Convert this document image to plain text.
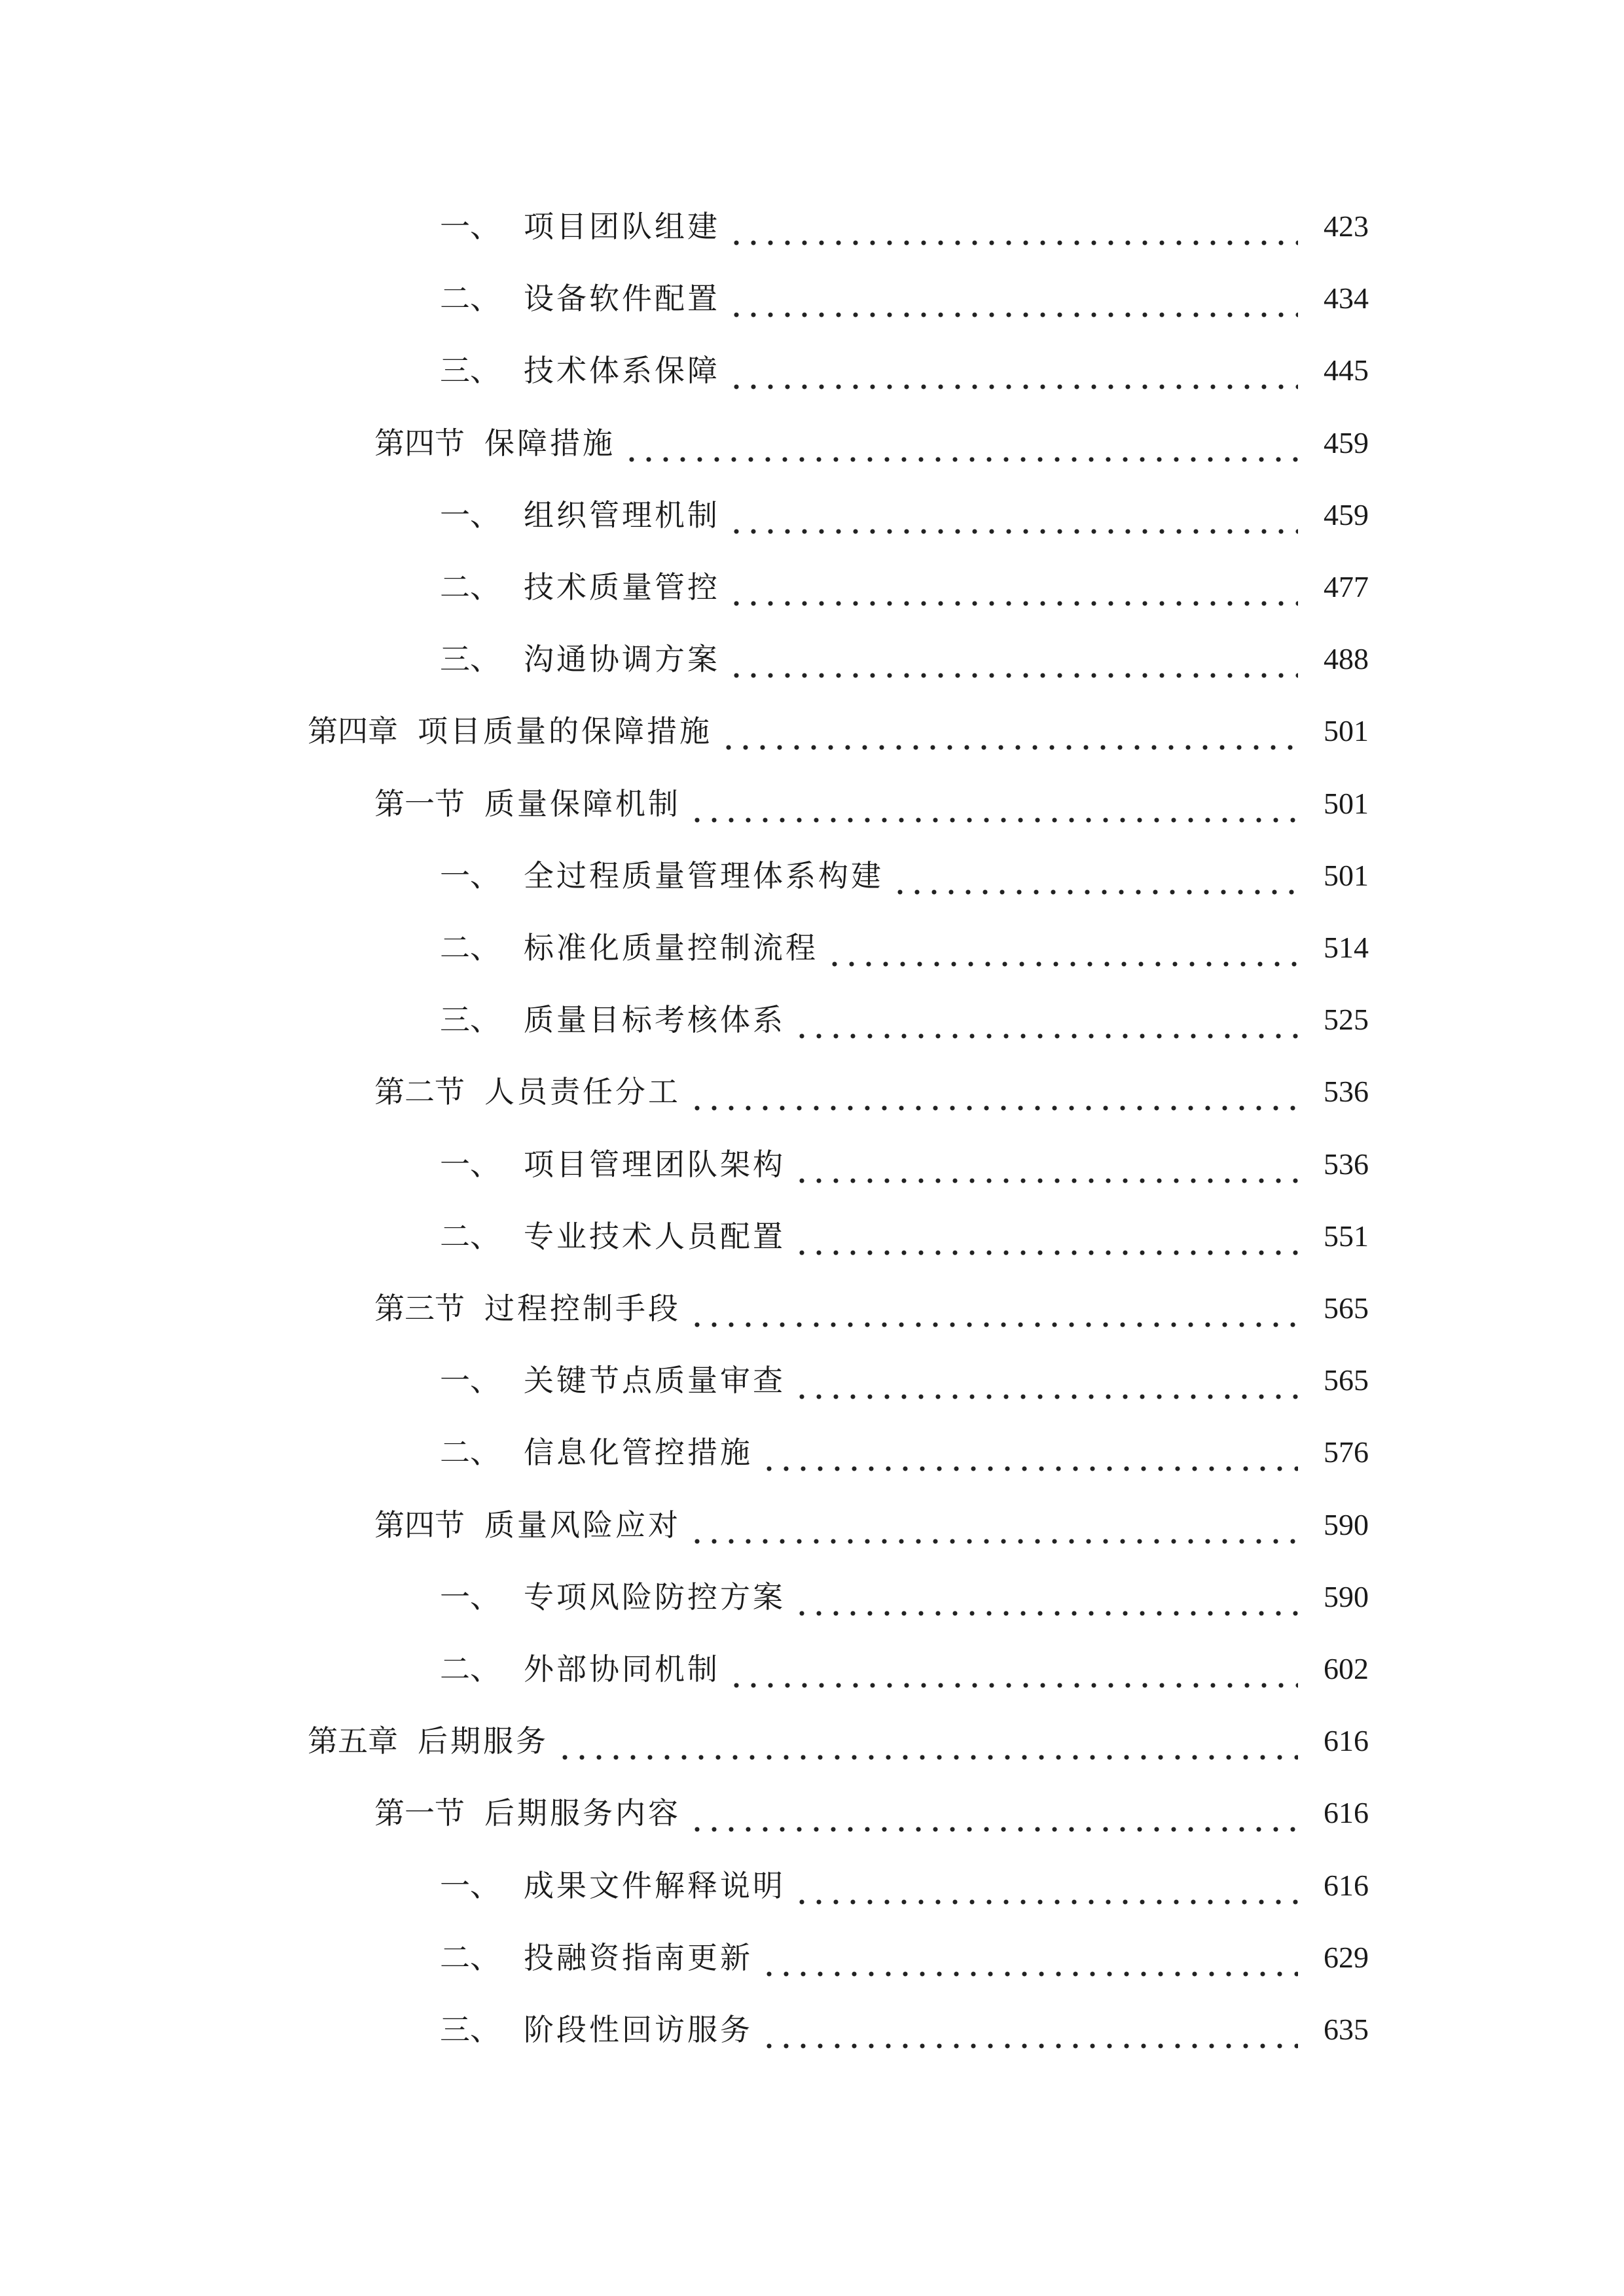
一、 项目团队组建	423
二、 设备软件配置	434
三、 技术体系保障	445
第四节 保障措施	459
一、 组织管理机制	459
二、 技术质量管控	477
三、 沟通协调方案	488
第四章 项目质量的保障措施	501
第一节 质量保障机制	501
一、 全过程质量管理体系构建	501
二、 标准化质量控制流程	514
三、 质量目标考核体系	525
第二节 人员责任分工	536
一、 项目管理团队架构	536
二、 专业技术人员配置	551
第三节 过程控制手段	565
一、 关键节点质量审查	565
二、 信息化管控措施	576
第四节 质量风险应对	590
一、 专项风险防控方案	590
二、 外部协同机制	602
第五章 后期服务	616
第一节 后期服务内容	616
一、 成果文件解释说明	616
二、 投融资指南更新	629
三、 阶段性回访服务	635
